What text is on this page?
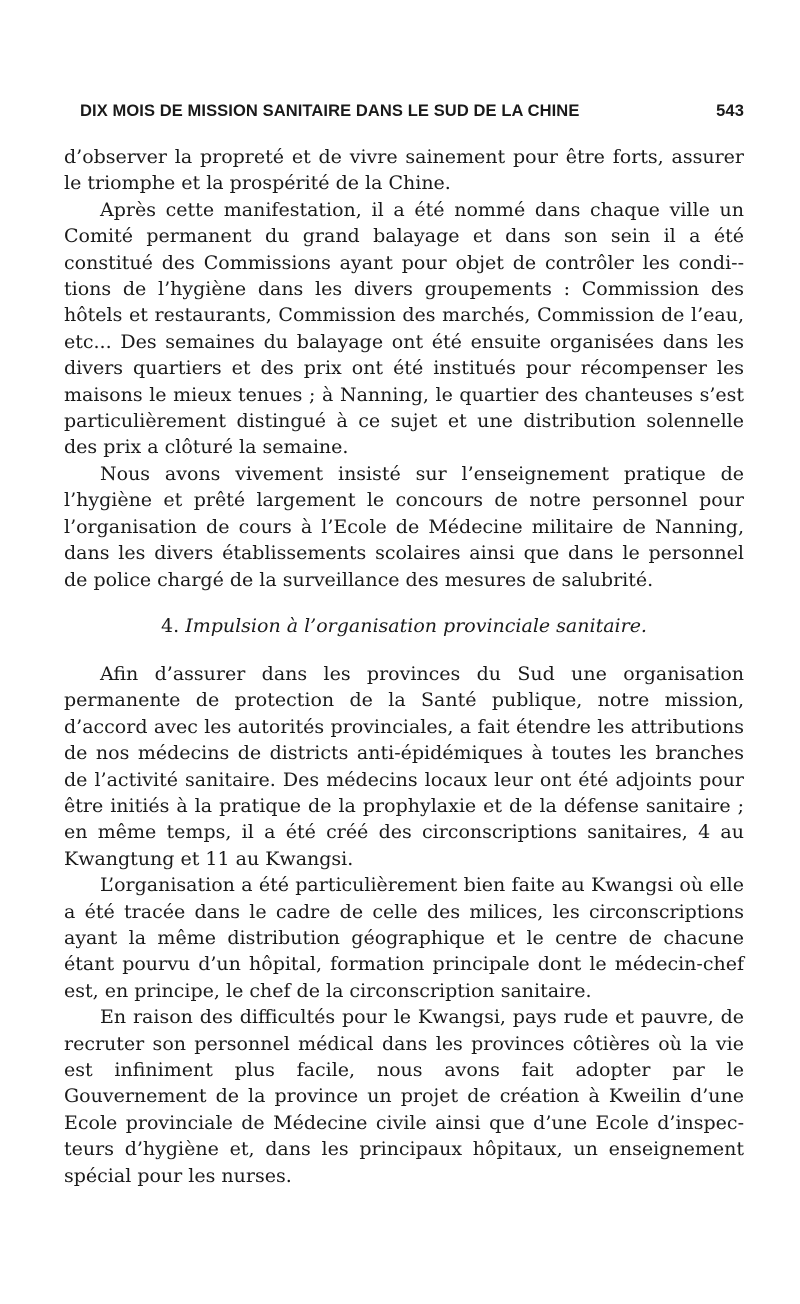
DIX MOIS DE MISSION SANITAIRE DANS LE SUD DE LA CHINE	543

d’observer la propreté et de vivre sainement pour être forts, assurer le triomphe et la prospérité de la Chine.

Après cette manifestation, il a été nommé dans chaque ville un Comité permanent du grand balayage et dans son sein il a été constitué des Commissions ayant pour objet de contrôler les condi-tions de l’hygiène dans les divers groupements : Commission des hôtels et restaurants, Commission des marchés, Commission de l’eau, etc... Des semaines du balayage ont été ensuite organisées dans les divers quartiers et des prix ont été institués pour récompenser les maisons le mieux tenues ; à Nanning, le quartier des chanteuses s’est particulièrement distingué à ce sujet et une distribution solennelle des prix a clôturé la semaine.

Nous avons vivement insisté sur l’enseignement pratique de l’hygiène et prêté largement le concours de notre personnel pour l’organisation de cours à l’Ecole de Médecine militaire de Nanning, dans les divers établissements scolaires ainsi que dans le personnel de police chargé de la surveillance des mesures de salubrité.

4. Impulsion à l’organisation provinciale sanitaire.

Afin d’assurer dans les provinces du Sud une organisation permanente de protection de la Santé publique, notre mission, d’accord avec les autorités provinciales, a fait étendre les attributions de nos médecins de districts anti-épidémiques à toutes les branches de l’activité sanitaire. Des médecins locaux leur ont été adjoints pour être initiés à la pratique de la prophylaxie et de la défense sanitaire ; en même temps, il a été créé des circonscriptions sanitaires, 4 au Kwangtung et 11 au Kwangsi.

L’organisation a été particulièrement bien faite au Kwangsi où elle a été tracée dans le cadre de celle des milices, les circonscriptions ayant la même distribution géographique et le centre de chacune étant pourvu d’un hôpital, formation principale dont le médecin-chef est, en principe, le chef de la circonscription sanitaire.

En raison des difficultés pour le Kwangsi, pays rude et pauvre, de recruter son personnel médical dans les provinces côtières où la vie est infiniment plus facile, nous avons fait adopter par le Gouvernement de la province un projet de création à Kweilin d’une Ecole provinciale de Médecine civile ainsi que d’une Ecole d’inspecteurs d’hygiène et, dans les principaux hôpitaux, un enseignement spécial pour les nurses.
